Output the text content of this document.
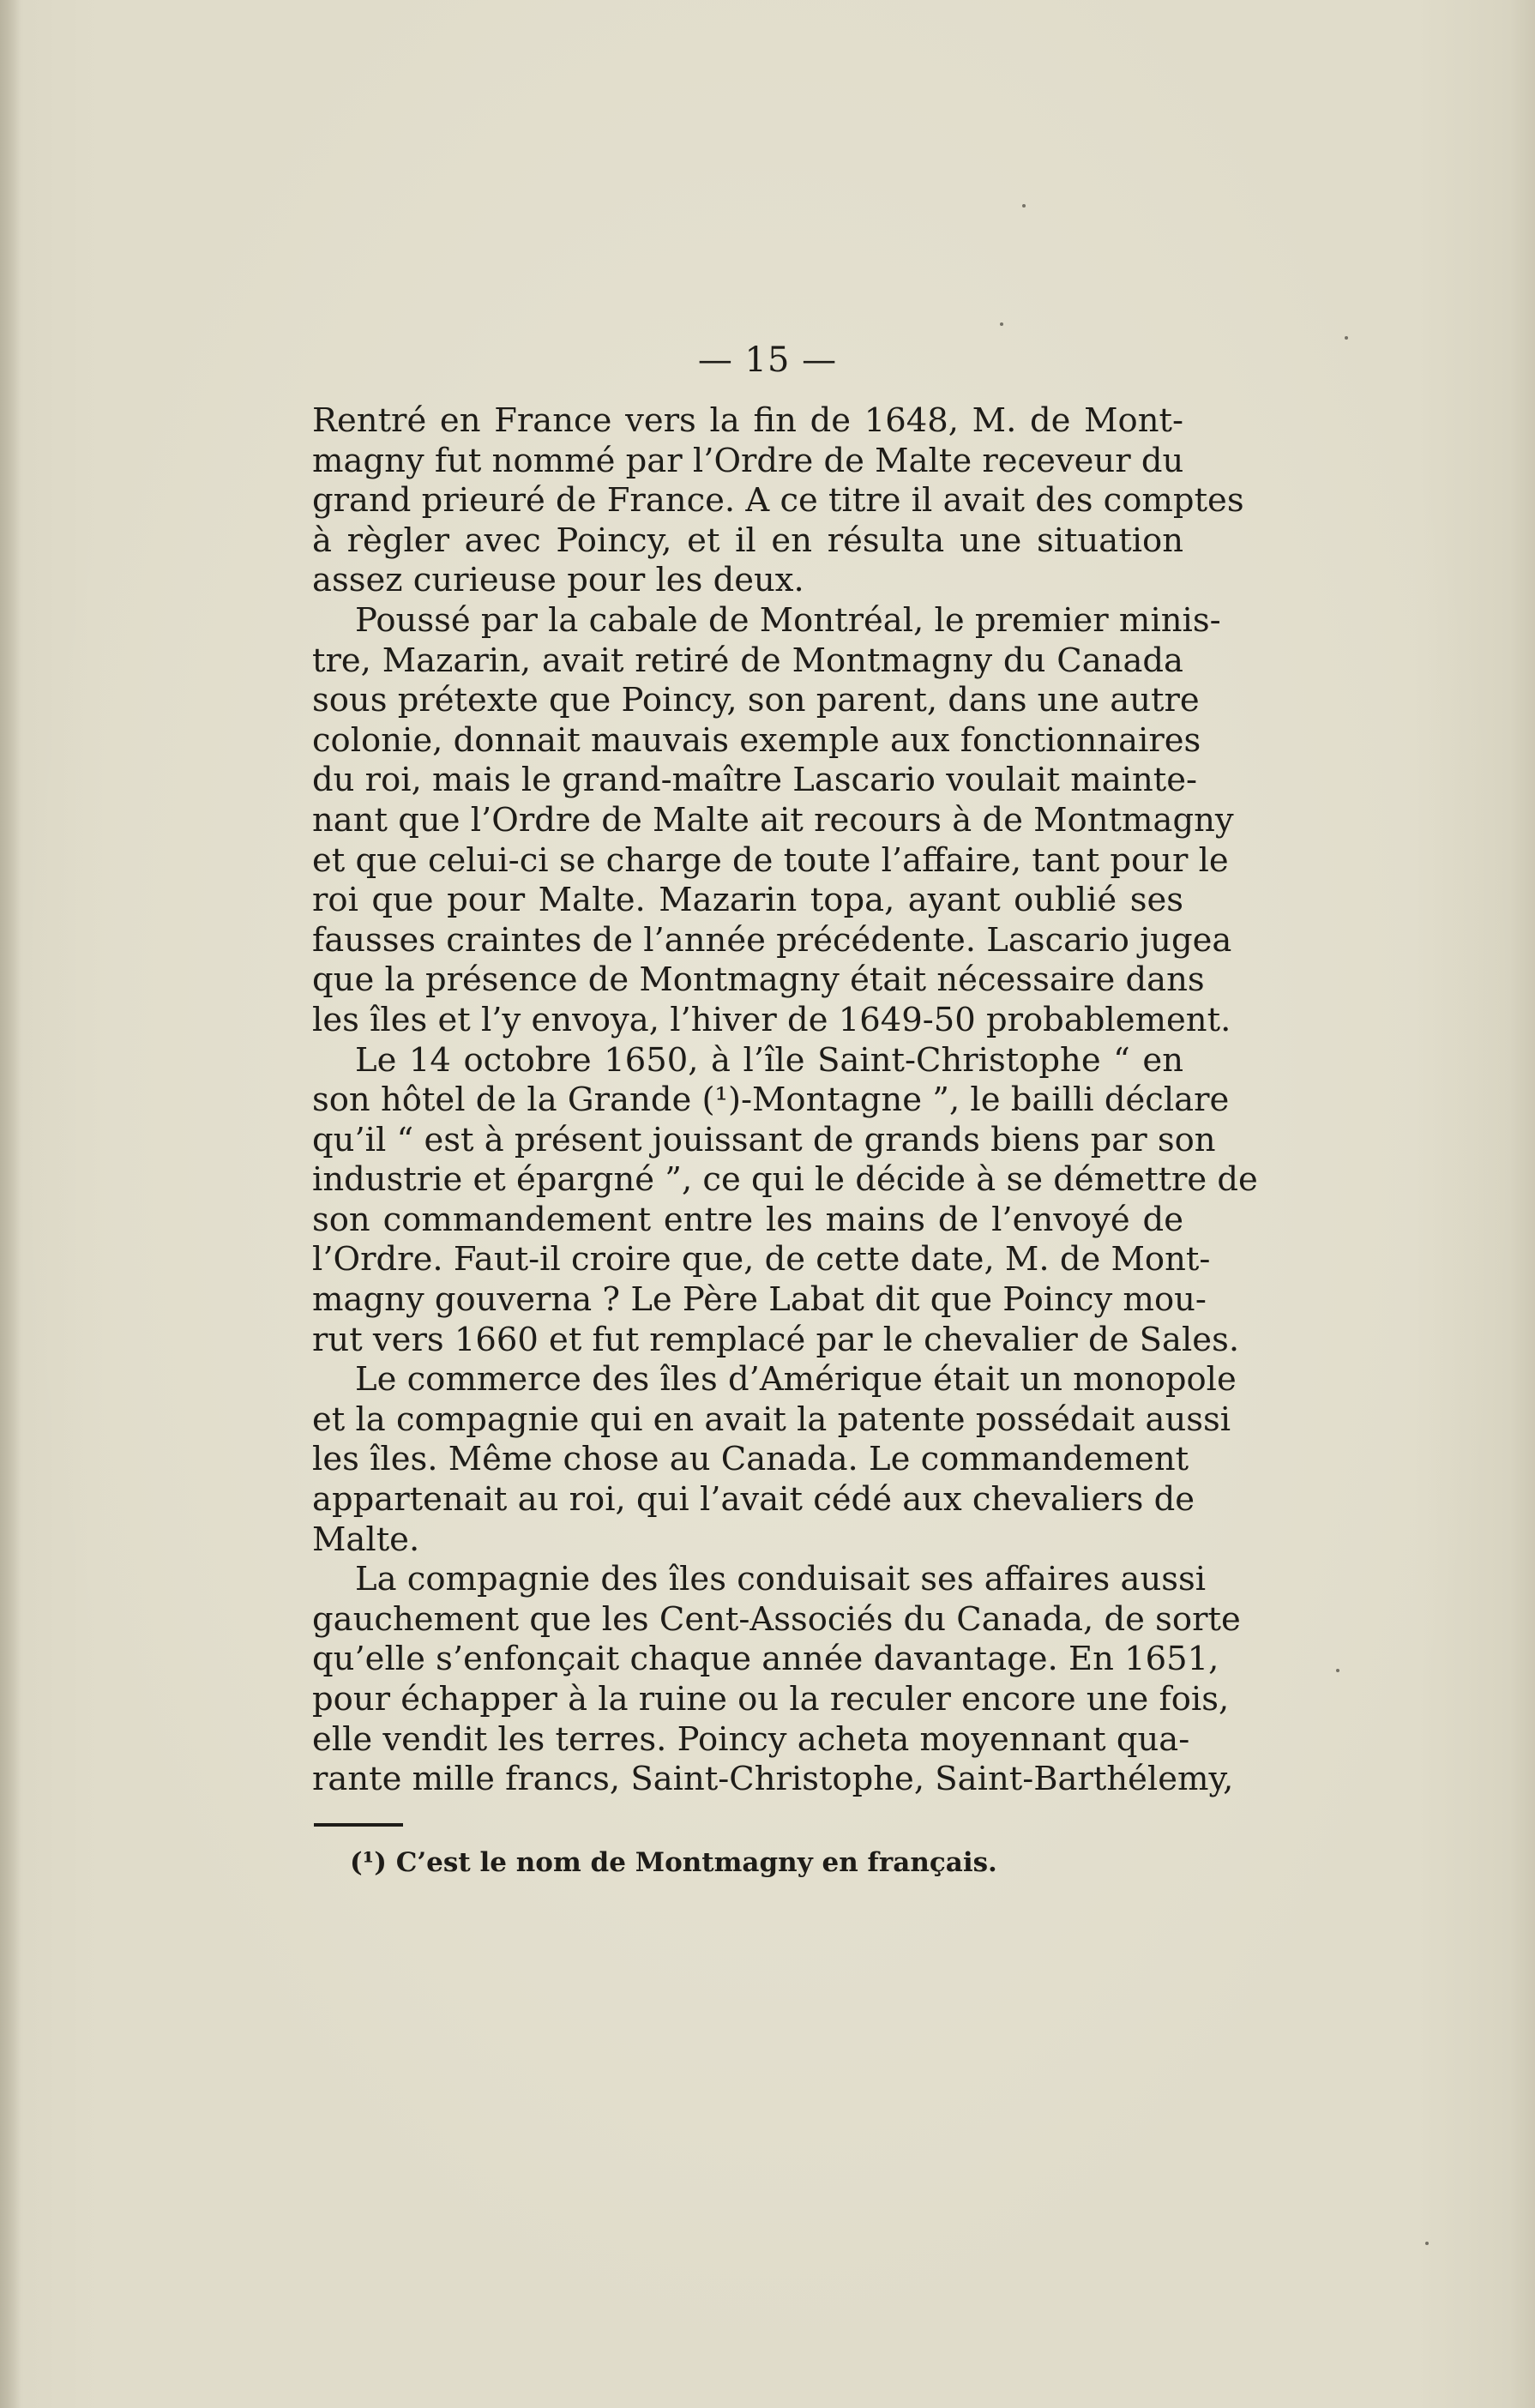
— 15 —

Rentré en France vers la fin de 1648, M. de Mont-
magny fut nommé par l’Ordre de Malte receveur du
grand prieuré de France. A ce titre il avait des comptes
à règler avec Poincy, et il en résulta une situation
assez curieuse pour les deux.

Poussé par la cabale de Montréal, le premier minis-
tre, Mazarin, avait retiré de Montmagny du Canada
sous prétexte que Poincy, son parent, dans une autre
colonie, donnait mauvais exemple aux fonctionnaires
du roi, mais le grand-maître Lascario voulait mainte-
nant que l’Ordre de Malte ait recours à de Montmagny
et que celui-ci se charge de toute l’affaire, tant pour le
roi que pour Malte. Mazarin topa, ayant oublié ses
fausses craintes de l’année précédente. Lascario jugea
que la présence de Montmagny était nécessaire dans
les îles et l’y envoya, l’hiver de 1649-50 probablement.

Le 14 octobre 1650, à l’île Saint-Christophe “ en
son hôtel de la Grande (¹)-Montagne ”, le bailli déclare
qu’il “ est à présent jouissant de grands biens par son
industrie et épargné ”, ce qui le décide à se démettre de
son commandement entre les mains de l’envoyé de
l’Ordre. Faut-il croire que, de cette date, M. de Mont-
magny gouverna ? Le Père Labat dit que Poincy mou-
rut vers 1660 et fut remplacé par le chevalier de Sales.

Le commerce des îles d’Amérique était un monopole
et la compagnie qui en avait la patente possédait aussi
les îles. Même chose au Canada. Le commandement
appartenait au roi, qui l’avait cédé aux chevaliers de
Malte.

La compagnie des îles conduisait ses affaires aussi
gauchement que les Cent-Associés du Canada, de sorte
qu’elle s’enfonçait chaque année davantage. En 1651,
pour échapper à la ruine ou la reculer encore une fois,
elle vendit les terres. Poincy acheta moyennant qua-
rante mille francs, Saint-Christophe, Saint-Barthélemy,

(¹) C’est le nom de Montmagny en français.
